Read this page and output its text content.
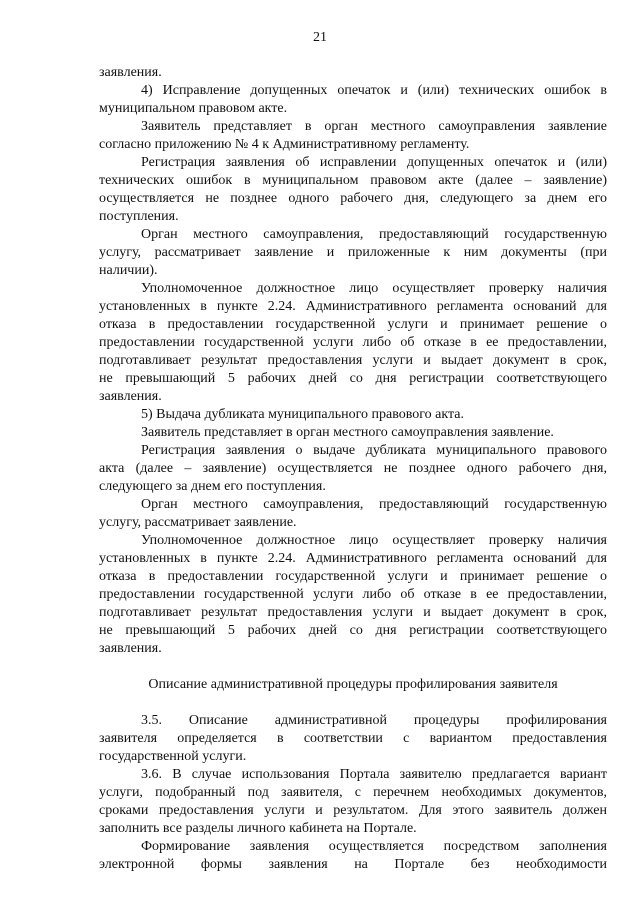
21
заявления.
4) Исправление допущенных опечаток и (или) технических ошибок в
муниципальном правовом акте.
Заявитель представляет в орган местного самоуправления заявление
согласно приложению № 4 к Административному регламенту.
Регистрация заявления об исправлении допущенных опечаток и (или)
технических ошибок в муниципальном правовом акте (далее – заявление)
осуществляется не позднее одного рабочего дня, следующего за днем его
поступления.
Орган местного самоуправления, предоставляющий государственную
услугу, рассматривает заявление и приложенные к ним документы (при
наличии).
Уполномоченное должностное лицо осуществляет проверку наличия
установленных в пункте 2.24. Административного регламента оснований для
отказа в предоставлении государственной услуги и принимает решение о
предоставлении государственной услуги либо об отказе в ее предоставлении,
подготавливает результат предоставления услуги и выдает документ в срок,
не превышающий 5 рабочих дней со дня регистрации соответствующего
заявления.
5) Выдача дубликата муниципального правового акта.
Заявитель представляет в орган местного самоуправления заявление.
Регистрация заявления о выдаче дубликата муниципального правового
акта (далее – заявление) осуществляется не позднее одного рабочего дня,
следующего за днем его поступления.
Орган местного самоуправления, предоставляющий государственную
услугу, рассматривает заявление.
Уполномоченное должностное лицо осуществляет проверку наличия
установленных в пункте 2.24. Административного регламента оснований для
отказа в предоставлении государственной услуги и принимает решение о
предоставлении государственной услуги либо об отказе в ее предоставлении,
подготавливает результат предоставления услуги и выдает документ в срок,
не превышающий 5 рабочих дней со дня регистрации соответствующего
заявления.
Описание административной процедуры профилирования заявителя
3.5. Описание административной процедуры профилирования
заявителя определяется в соответствии с вариантом предоставления
государственной услуги.
3.6. В случае использования Портала заявителю предлагается вариант
услуги, подобранный под заявителя, с перечнем необходимых документов,
сроками предоставления услуги и результатом. Для этого заявитель должен
заполнить все разделы личного кабинета на Портале.
Формирование заявления осуществляется посредством заполнения
электронной формы заявления на Портале без необходимости
